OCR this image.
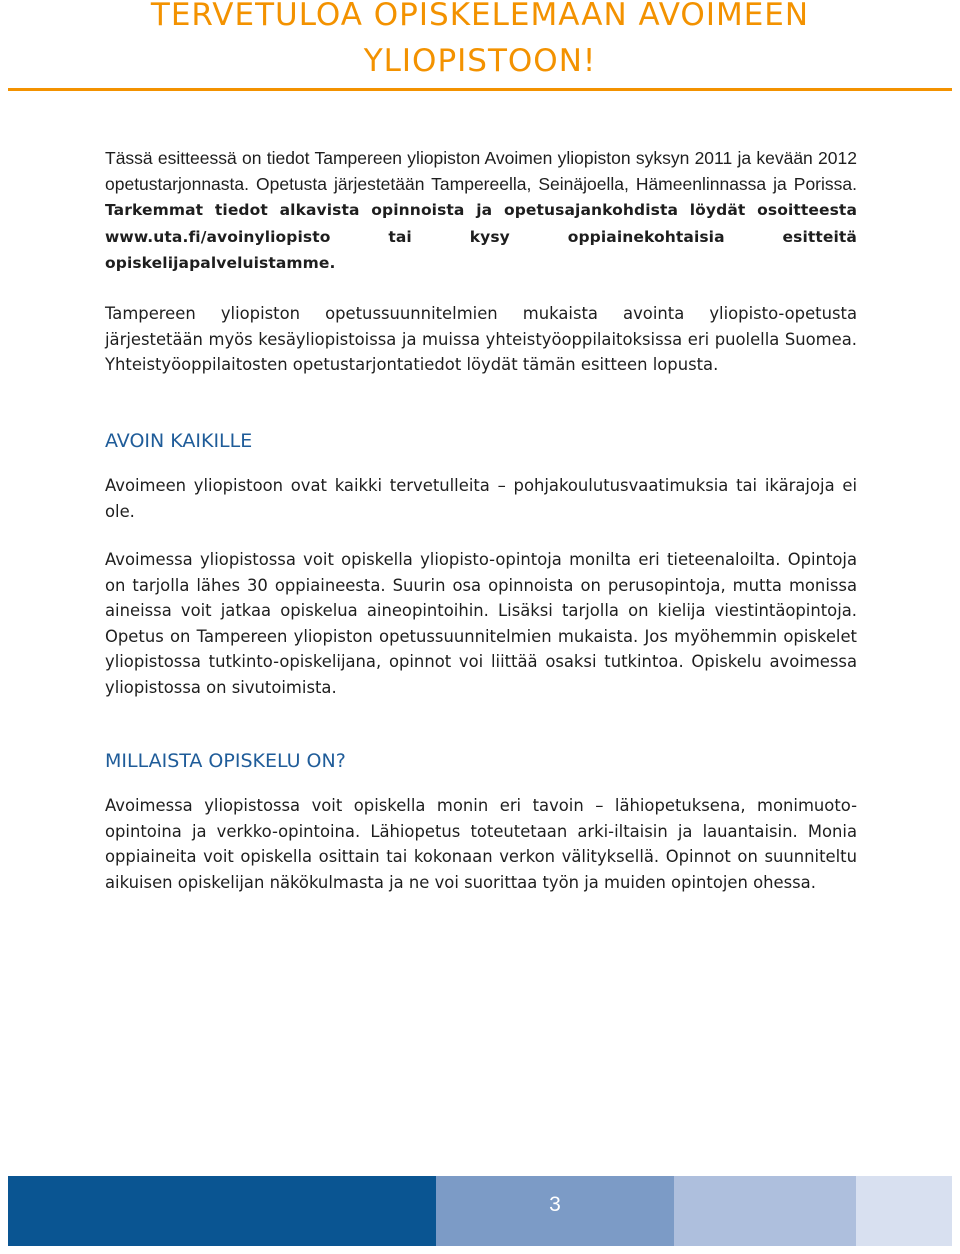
TERVETULOA OPISKELEMAAN AVOIMEEN
YLIOPISTOON!

Tässä esitteessä on tiedot Tampereen yliopiston Avoimen yliopiston syksyn 2011 ja kevään 2012 opetustarjonnasta. Opetusta järjestetään Tampereella, Seinäjoella, Hämeenlinnassa ja Porissa. Tarkemmat tiedot alkavista opinnoista ja opetusajankohdista löydät osoitteesta www.uta.fi/avoinyliopisto tai kysy oppiainekohtaisia esitteitä opiskelijapalveluistamme.

Tampereen yliopiston opetussuunnitelmien mukaista avointa yliopisto-opetusta järjestetään myös kesäyliopistoissa ja muissa yhteistyöoppilaitoksissa eri puolella Suomea. Yhteistyöoppilaitosten opetustarjontatiedot löydät tämän esitteen lopusta.

AVOIN KAIKILLE

Avoimeen yliopistoon ovat kaikki tervetulleita – pohjakoulutusvaatimuksia tai ikärajoja ei ole.

Avoimessa yliopistossa voit opiskella yliopisto-opintoja monilta eri tieteenaloilta. Opintoja on tarjolla lähes 30 oppiaineesta. Suurin osa opinnoista on perusopintoja, mutta monissa aineissa voit jatkaa opiskelua aineopintoihin. Lisäksi tarjolla on kielija viestintäopintoja. Opetus on Tampereen yliopiston opetussuunnitelmien mukaista. Jos myöhemmin opiskelet yliopistossa tutkinto-opiskelijana, opinnot voi liittää osaksi tutkintoa. Opiskelu avoimessa yliopistossa on sivutoimista.

MILLAISTA OPISKELU ON?

Avoimessa yliopistossa voit opiskella monin eri tavoin – lähiopetuksena, monimuoto-opintoina ja verkko-opintoina. Lähiopetus toteutetaan arki-iltaisin ja lauantaisin. Monia oppiaineita voit opiskella osittain tai kokonaan verkon välityksellä. Opinnot on suunniteltu aikuisen opiskelijan näkökulmasta ja ne voi suorittaa työn ja muiden opintojen ohessa.

3
